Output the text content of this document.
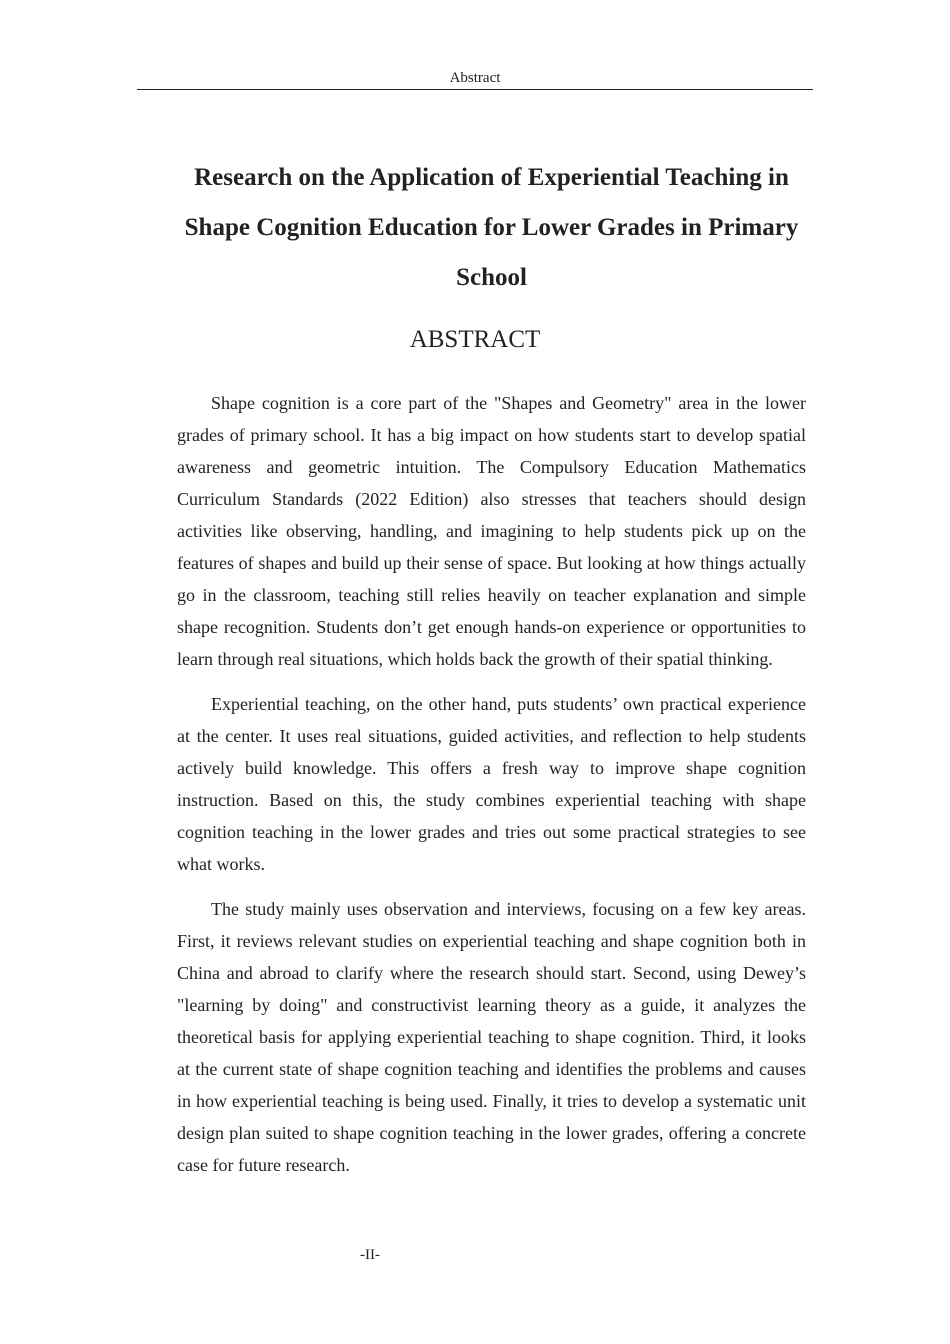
Abstract
Research on the Application of Experiential Teaching in Shape Cognition Education for Lower Grades in Primary School
ABSTRACT

Shape cognition is a core part of the "Shapes and Geometry" area in the lower grades of primary school. It has a big impact on how students start to develop spatial awareness and geometric intuition. The Compulsory Education Mathematics Curriculum Standards (2022 Edition) also stresses that teachers should design activities like observing, handling, and imagining to help students pick up on the features of shapes and build up their sense of space. But looking at how things actually go in the classroom, teaching still relies heavily on teacher explanation and simple shape recognition. Students don’t get enough hands-on experience or opportunities to learn through real situations, which holds back the growth of their spatial thinking.

Experiential teaching, on the other hand, puts students’ own practical experience at the center. It uses real situations, guided activities, and reflection to help students actively build knowledge. This offers a fresh way to improve shape cognition instruction. Based on this, the study combines experiential teaching with shape cognition teaching in the lower grades and tries out some practical strategies to see what works.

The study mainly uses observation and interviews, focusing on a few key areas. First, it reviews relevant studies on experiential teaching and shape cognition both in China and abroad to clarify where the research should start. Second, using Dewey’s "learning by doing" and constructivist learning theory as a guide, it analyzes the theoretical basis for applying experiential teaching to shape cognition. Third, it looks at the current state of shape cognition teaching and identifies the problems and causes in how experiential teaching is being used. Finally, it tries to develop a systematic unit design plan suited to shape cognition teaching in the lower grades, offering a concrete case for future research.

-II-
